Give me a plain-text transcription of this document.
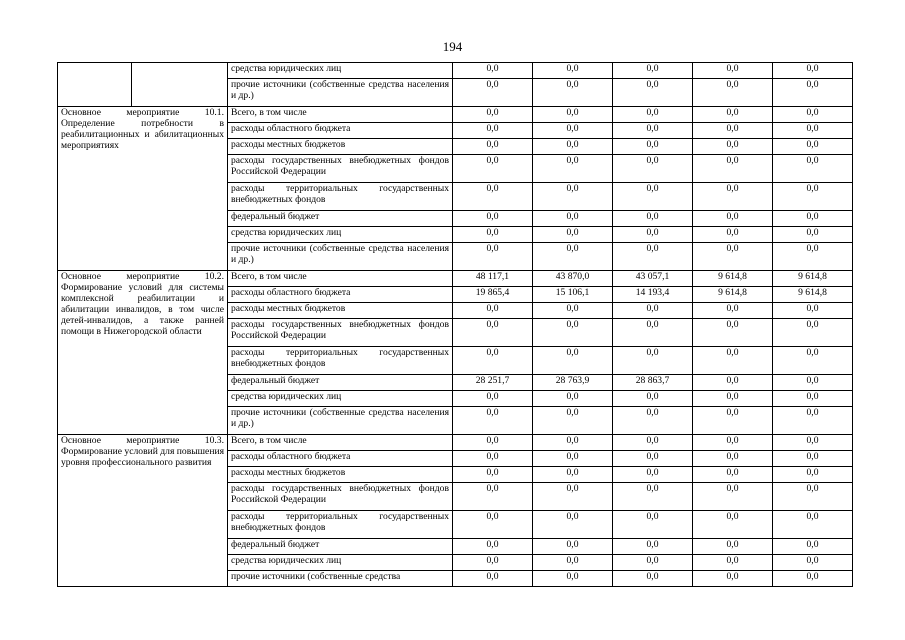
194
		средства юридических лиц	0,0	0,0	0,0	0,0	0,0
		прочие источники (собственные средства населения и др.)	0,0	0,0	0,0	0,0	0,0
Основное мероприятие 10.1. Определение потребности в реабилитационных и абилитационных мероприятиях		Всего, в том числе	0,0	0,0	0,0	0,0	0,0
		расходы областного бюджета	0,0	0,0	0,0	0,0	0,0
		расходы местных бюджетов	0,0	0,0	0,0	0,0	0,0
		расходы государственных внебюджетных фондов Российской Федерации	0,0	0,0	0,0	0,0	0,0
		расходы территориальных государственных внебюджетных фондов	0,0	0,0	0,0	0,0	0,0
		федеральный бюджет	0,0	0,0	0,0	0,0	0,0
		средства юридических лиц	0,0	0,0	0,0	0,0	0,0
		прочие источники (собственные средства населения и др.)	0,0	0,0	0,0	0,0	0,0
Основное мероприятие 10.2. Формирование условий для системы комплексной реабилитации и абилитации инвалидов, в том числе детей-инвалидов, а также ранней помощи в Нижегородской области		Всего, в том числе	48 117,1	43 870,0	43 057,1	9 614,8	9 614,8
		расходы областного бюджета	19 865,4	15 106,1	14 193,4	9 614,8	9 614,8
		расходы местных бюджетов	0,0	0,0	0,0	0,0	0,0
		расходы государственных внебюджетных фондов Российской Федерации	0,0	0,0	0,0	0,0	0,0
		расходы территориальных государственных внебюджетных фондов	0,0	0,0	0,0	0,0	0,0
		федеральный бюджет	28 251,7	28 763,9	28 863,7	0,0	0,0
		средства юридических лиц	0,0	0,0	0,0	0,0	0,0
		прочие источники (собственные средства населения и др.)	0,0	0,0	0,0	0,0	0,0
Основное мероприятие 10.3. Формирование условий для повышения уровня профессионального развития		Всего, в том числе	0,0	0,0	0,0	0,0	0,0
		расходы областного бюджета	0,0	0,0	0,0	0,0	0,0
		расходы местных бюджетов	0,0	0,0	0,0	0,0	0,0
		расходы государственных внебюджетных фондов Российской Федерации	0,0	0,0	0,0	0,0	0,0
		расходы территориальных государственных внебюджетных фондов	0,0	0,0	0,0	0,0	0,0
		федеральный бюджет	0,0	0,0	0,0	0,0	0,0
		средства юридических лиц	0,0	0,0	0,0	0,0	0,0
		прочие источники (собственные средства	0,0	0,0	0,0	0,0	0,0
